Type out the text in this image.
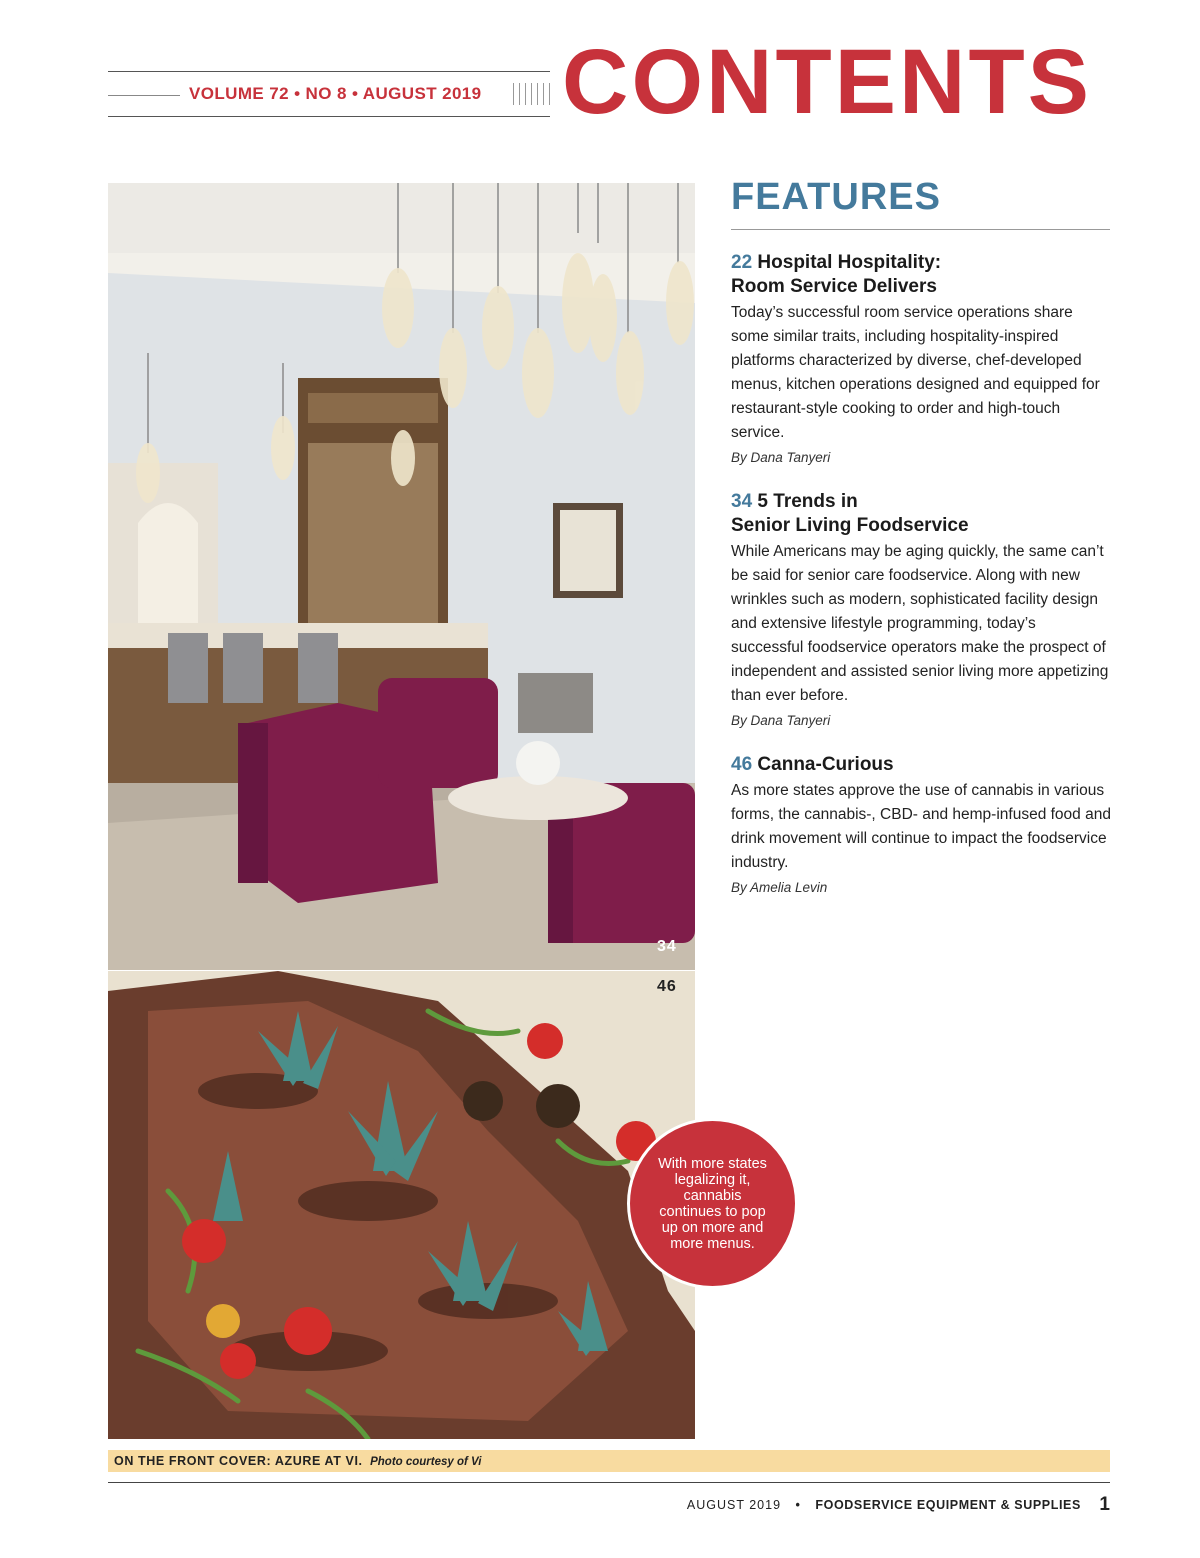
VOLUME 72 • NO 8 • AUGUST 2019 CONTENTS
34
46
With more states legalizing it, cannabis continues to pop up on more and more menus.
FEATURES
22 Hospital Hospitality:
Room Service Delivers

Today’s successful room service operations share some similar traits, including hospitality-inspired platforms characterized by diverse, chef-developed menus, kitchen operations designed and equipped for restaurant-style cooking to order and high-touch service.

By Dana Tanyeri
34 5 Trends in
Senior Living Foodservice

While Americans may be aging quickly, the same can’t be said for senior care foodservice. Along with new wrinkles such as modern, sophisticated facility design and extensive lifestyle programming, today’s successful foodservice operators make the prospect of independent and assisted senior living more appetizing than ever before.

By Dana Tanyeri
46 Canna-Curious

As more states approve the use of cannabis in various forms, the cannabis-, CBD- and hemp-infused food and drink movement will continue to impact the foodservice industry.

By Amelia Levin
ON THE FRONT COVER: AZURE AT VI. Photo courtesy of Vi
AUGUST 2019 • FOODSERVICE EQUIPMENT & SUPPLIES 1
